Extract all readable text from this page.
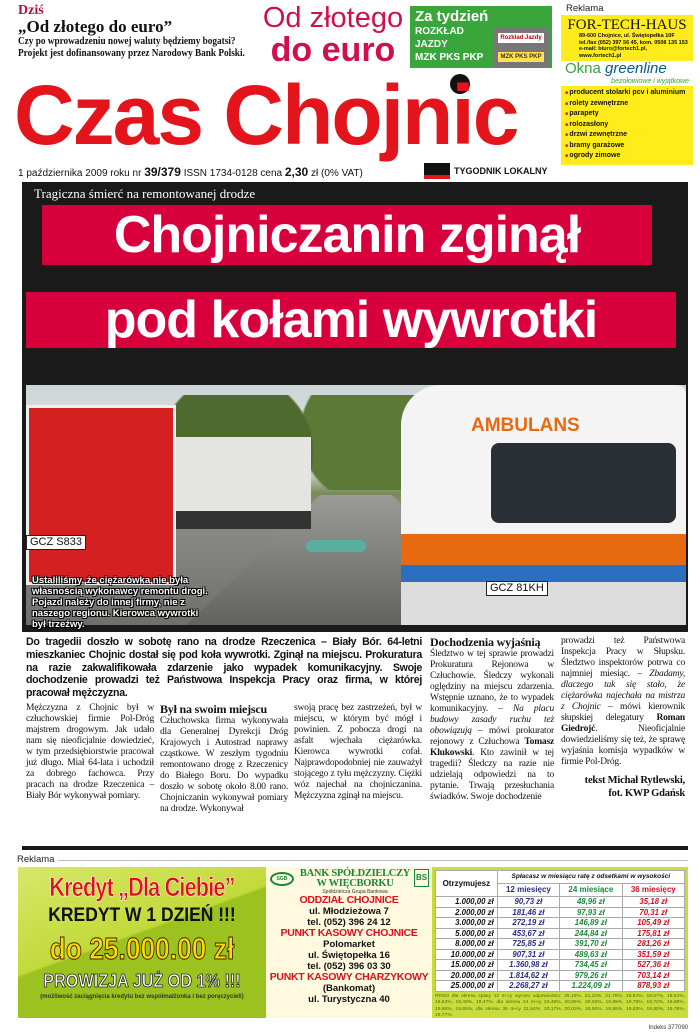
Dziś
„Od złotego do euro”
Czy po wprowadzeniu nowej waluty będziemy bogatsi?
Projekt jest dofinansowany przez Narodowy Bank Polski.
Od złotego
do euro
Za tydzień
ROZKŁAD
JAZDY
MZK PKS PKP
Rozkład Jazdy
MZK PKS PKP
Czas Chojnic
1 października 2009 roku nr 39/379 ISSN 1734-0128 cena 2,30 zł (0% VAT)	TYGODNIK LOKALNY
Reklama
FOR-TECH-HAUS
89-600 Chojnice, ul. Świętopełka 10F
tel./fax (052) 397 56 45, kom. 0508 135 153
e-mail: biuro@fortech1.pl, www.fortech1.pl
Okna greenline
bezołowiowe i wyjątkowe
■ producent stolarki pcv i aluminium
■ rolety zewnętrzne
■ parapety
■ rolozasłony
■ drzwi zewnętrzne
■ bramy garażowe
■ ogrody zimowe
Tragiczna śmierć na remontowanej drodze
Chojniczanin zginął
pod kołami wywrotki
GCZ S833
AMBULANS
GCZ 81KH
Ustaliliśmy, że ciężarówka nie była własnością wykonawcy remontu drogi. Pojazd należy do innej firmy, nie z naszego regionu. Kierowca wywrotki był trzeźwy.
Do tragedii doszło w sobotę rano na drodze Rzeczenica – Biały Bór. 64-letni mieszkaniec Chojnic dostał się pod koła wywrotki. Zginął na miejscu. Prokuratura na razie zakwalifikowała zdarzenie jako wypadek komunikacyjny. Swoje dochodzenie prowadzi też Państwowa Inspekcja Pracy oraz firma, w której pracował mężczyzna.
Mężczyzna z Chojnic był w człuchowskiej firmie Pol-Dróg majstrem drogowym. Jak udało nam się nieoficjalnie dowiedzieć, w tym przedsiębiorstwie pracował już długo. Miał 64-lata i uchodził za dobrego fachowca. Przy pracach na drodze Rzeczenica – Biały Bór wykonywał pomiary.
Był na swoim miejscu

Człuchowska firma wykonywała dla Generalnej Dyrekcji Dróg Krajowych i Autostrad naprawy cząstkowe. W zeszłym tygodniu remontowano drogę z Rzeczenicy do Białego Boru. Do wypadku doszło w sobotę około 8.00 rano. Chojniczanin wykonywał pomiary na drodze. Wykonywał

swoją pracę bez zastrzeżeń, był w miejscu, w którym być mógł i powinien. Z pobocza drogi na asfalt wjechała ciężarówka. Kierowca wywrotki cofał. Najprawdopodobniej nie zauważył stojącego z tyłu mężczyzny. Ciężki wóz najechał na chojniczanina. Mężczyzna zginął na miejscu.
Dochodzenia wyjaśnią

Śledztwo w tej sprawie prowadzi Prokuratura Rejonowa w Człuchowie. Śledczy wykonali oględziny na miejscu zdarzenia. Wstępnie uznano, że to wypadek komunikacyjny. – Na placu budowy zasady ruchu też obowiązują – mówi prokurator rejonowy z Człuchowa Tomasz Klukowski. Kto zawinił w tej tragedii? Śledczy na razie nie udzielają odpowiedzi na to pytanie. Trwają przesłuchania świadków. Swoje dochodzenie

prowadzi też Państwowa Inspekcja Pracy w Słupsku. Śledztwo inspektorów potrwa co najmniej miesiąc. – Zbadamy, dlaczego tak się stało, że ciężarówka najechała na mistrza z Chojnic – mówi kierownik słupskiej delegatury Roman Giedrojć. Nieoficjalnie dowiedzieliśmy się też, że sprawę wyjaśnia komisja wypadków w firmie Pol-Dróg.

tekst Michał Rytlewski,
fot. KWP Gdańsk
Reklama
Kredyt „Dla Ciebie”
KREDYT W 1 DZIEŃ !!!
do 25.000.00 zł
PROWIZJA JUŻ OD 1% !!!
(możliwość zaciągnięcia kredytu bez współmałżonka i bez poręczycieli)
BANK SPÓŁDZIELCZY
W WIĘCBORKU
Spółdzielcza Grupa Bankowa
ODDZIAŁ CHOJNICE
ul. Młodzieżowa 7
tel. (052) 396 24 12
PUNKT KASOWY CHOJNICE
Polomarket
ul. Świętopełka 16
tel. (052) 396 03 30
PUNKT KASOWY CHARZYKOWY
(Bankomat)
ul. Turystyczna 40
SGB	BS
Otrzymujesz	Spłacasz w miesiącu ratę z odsetkami w wysokości		
	12 miesięcy	24 miesiące	36 miesięcy
1.000,00 zł	90,73 zł	48,96 zł	35,18 zł
2.000,00 zł	181,46 zł	97,93 zł	70,31 zł
3.000,00 zł	272,19 zł	146,89 zł	105,49 zł
5.000,00 zł	453,67 zł	244,84 zł	175,81 zł
8.000,00 zł	725,85 zł	391,70 zł	281,26 zł
10.000,00 zł	907,31 zł	489,63 zł	351,59 zł
15.000,00 zł	1.360,98 zł	734,45 zł	527,36 zł
20.000,00 zł	1.814,62 zł	979,26 zł	703,14 zł
25.000,00 zł	2.268,27 zł	1.224,09 zł	878,93 zł
RRSO dla okresu spłaty 12 m-cy wynosi odpowiednio: 29,15%, 24,10%, 21,70%, 19,84%, 19,67%, 19,61%, 19,53%, 19,49%, 19,47%, dla okresu 24 m-cy 23,46%, 20,86%, 20,02%, 19,85%, 19,75%, 19,72%, 19,68%, 19,66%, 19,65%, dla okresu 36 m-cy 21,54%, 20,17%, 20,03%, 19,92%, 19,85%, 19,83%, 19,80%, 19,78%, 19,77%.
Indeks 377090
